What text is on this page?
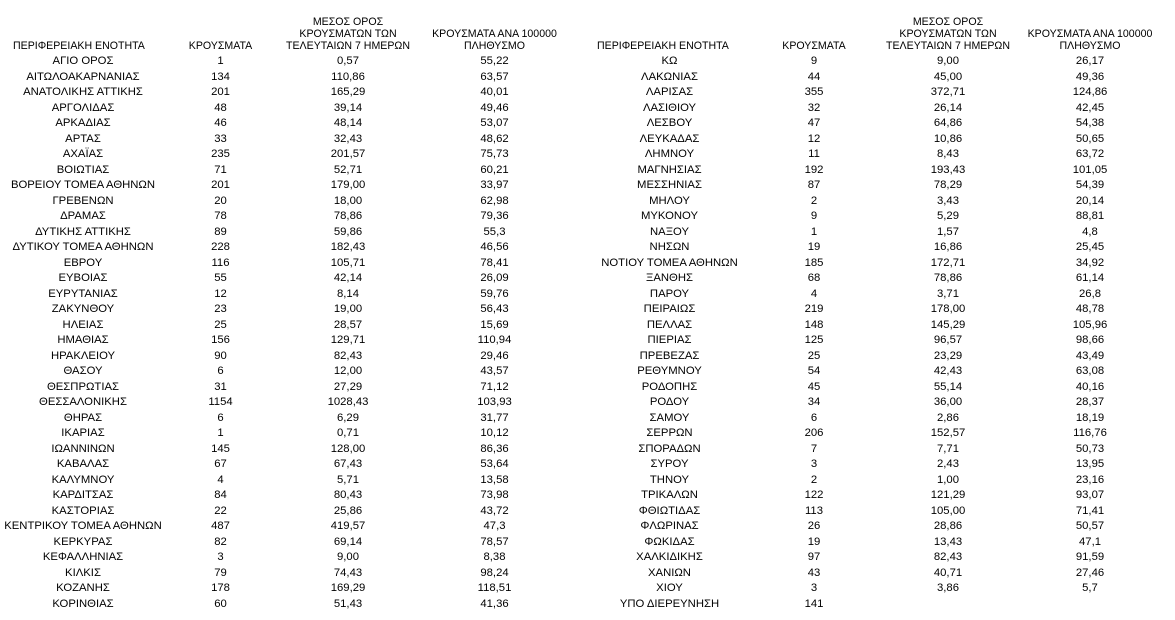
ΠΕΡΙΦΕΡΕΙΑΚΗ ΕΝΟΤΗΤΑ	ΚΡΟΥΣΜΑΤΑ
ΜΕΣΟΣ ΟΡΟΣ
ΚΡΟΥΣΜΑΤΩΝ ΤΩΝ
ΤΕΛΕΥΤΑΙΩΝ 7 ΗΜΕΡΩΝ
ΚΡΟΥΣΜΑΤΑ ΑΝΑ 100000
ΠΛΗΘΥΣΜΟ
ΑΓΙΟ ΟΡΟΣ	1	0,57	55,22
ΑΙΤΩΛΟΑΚΑΡΝΑΝΙΑΣ	134	110,86	63,57
ΑΝΑΤΟΛΙΚΗΣ ΑΤΤΙΚΗΣ	201	165,29	40,01
ΑΡΓΟΛΙΔΑΣ	48	39,14	49,46
ΑΡΚΑΔΙΑΣ	46	48,14	53,07
ΑΡΤΑΣ	33	32,43	48,62
ΑΧΑΪΑΣ	235	201,57	75,73
ΒΟΙΩΤΙΑΣ	71	52,71	60,21
ΒΟΡΕΙΟΥ ΤΟΜΕΑ ΑΘΗΝΩΝ	201	179,00	33,97
ΓΡΕΒΕΝΩΝ	20	18,00	62,98
ΔΡΑΜΑΣ	78	78,86	79,36
ΔΥΤΙΚΗΣ ΑΤΤΙΚΗΣ	89	59,86	55,3
ΔΥΤΙΚΟΥ ΤΟΜΕΑ ΑΘΗΝΩΝ	228	182,43	46,56
ΕΒΡΟΥ	116	105,71	78,41
ΕΥΒΟΙΑΣ	55	42,14	26,09
ΕΥΡΥΤΑΝΙΑΣ	12	8,14	59,76
ΖΑΚΥΝΘΟΥ	23	19,00	56,43
ΗΛΕΙΑΣ	25	28,57	15,69
ΗΜΑΘΙΑΣ	156	129,71	110,94
ΗΡΑΚΛΕΙΟΥ	90	82,43	29,46
ΘΑΣΟΥ	6	12,00	43,57
ΘΕΣΠΡΩΤΙΑΣ	31	27,29	71,12
ΘΕΣΣΑΛΟΝΙΚΗΣ	1154	1028,43	103,93
ΘΗΡΑΣ	6	6,29	31,77
ΙΚΑΡΙΑΣ	1	0,71	10,12
ΙΩΑΝΝΙΝΩΝ	145	128,00	86,36
ΚΑΒΑΛΑΣ	67	67,43	53,64
ΚΑΛΥΜΝΟΥ	4	5,71	13,58
ΚΑΡΔΙΤΣΑΣ	84	80,43	73,98
ΚΑΣΤΟΡΙΑΣ	22	25,86	43,72
ΚΕΝΤΡΙΚΟΥ ΤΟΜΕΑ ΑΘΗΝΩΝ	487	419,57	47,3
ΚΕΡΚΥΡΑΣ	82	69,14	78,57
ΚΕΦΑΛΛΗΝΙΑΣ	3	9,00	8,38
ΚΙΛΚΙΣ	79	74,43	98,24
ΚΟΖΑΝΗΣ	178	169,29	118,51
ΚΟΡΙΝΘΙΑΣ	60	51,43	41,36
ΠΕΡΙΦΕΡΕΙΑΚΗ ΕΝΟΤΗΤΑ	ΚΡΟΥΣΜΑΤΑ
ΜΕΣΟΣ ΟΡΟΣ
ΚΡΟΥΣΜΑΤΩΝ ΤΩΝ
ΤΕΛΕΥΤΑΙΩΝ 7 ΗΜΕΡΩΝ
ΚΡΟΥΣΜΑΤΑ ΑΝΑ 100000
ΠΛΗΘΥΣΜΟ
ΚΩ	9	9,00	26,17
ΛΑΚΩΝΙΑΣ	44	45,00	49,36
ΛΑΡΙΣΑΣ	355	372,71	124,86
ΛΑΣΙΘΙΟΥ	32	26,14	42,45
ΛΕΣΒΟΥ	47	64,86	54,38
ΛΕΥΚΑΔΑΣ	12	10,86	50,65
ΛΗΜΝΟΥ	11	8,43	63,72
ΜΑΓΝΗΣΙΑΣ	192	193,43	101,05
ΜΕΣΣΗΝΙΑΣ	87	78,29	54,39
ΜΗΛΟΥ	2	3,43	20,14
ΜΥΚΟΝΟΥ	9	5,29	88,81
ΝΑΞΟΥ	1	1,57	4,8
ΝΗΣΩΝ	19	16,86	25,45
ΝΟΤΙΟΥ ΤΟΜΕΑ ΑΘΗΝΩΝ	185	172,71	34,92
ΞΑΝΘΗΣ	68	78,86	61,14
ΠΑΡΟΥ	4	3,71	26,8
ΠΕΙΡΑΙΩΣ	219	178,00	48,78
ΠΕΛΛΑΣ	148	145,29	105,96
ΠΙΕΡΙΑΣ	125	96,57	98,66
ΠΡΕΒΕΖΑΣ	25	23,29	43,49
ΡΕΘΥΜΝΟΥ	54	42,43	63,08
ΡΟΔΟΠΗΣ	45	55,14	40,16
ΡΟΔΟΥ	34	36,00	28,37
ΣΑΜΟΥ	6	2,86	18,19
ΣΕΡΡΩΝ	206	152,57	116,76
ΣΠΟΡΑΔΩΝ	7	7,71	50,73
ΣΥΡΟΥ	3	2,43	13,95
ΤΗΝΟΥ	2	1,00	23,16
ΤΡΙΚΑΛΩΝ	122	121,29	93,07
ΦΘΙΩΤΙΔΑΣ	113	105,00	71,41
ΦΛΩΡΙΝΑΣ	26	28,86	50,57
ΦΩΚΙΔΑΣ	19	13,43	47,1
ΧΑΛΚΙΔΙΚΗΣ	97	82,43	91,59
ΧΑΝΙΩΝ	43	40,71	27,46
ΧΙΟΥ	3	3,86	5,7
ΥΠΟ ΔΙΕΡΕΥΝΗΣΗ	141
